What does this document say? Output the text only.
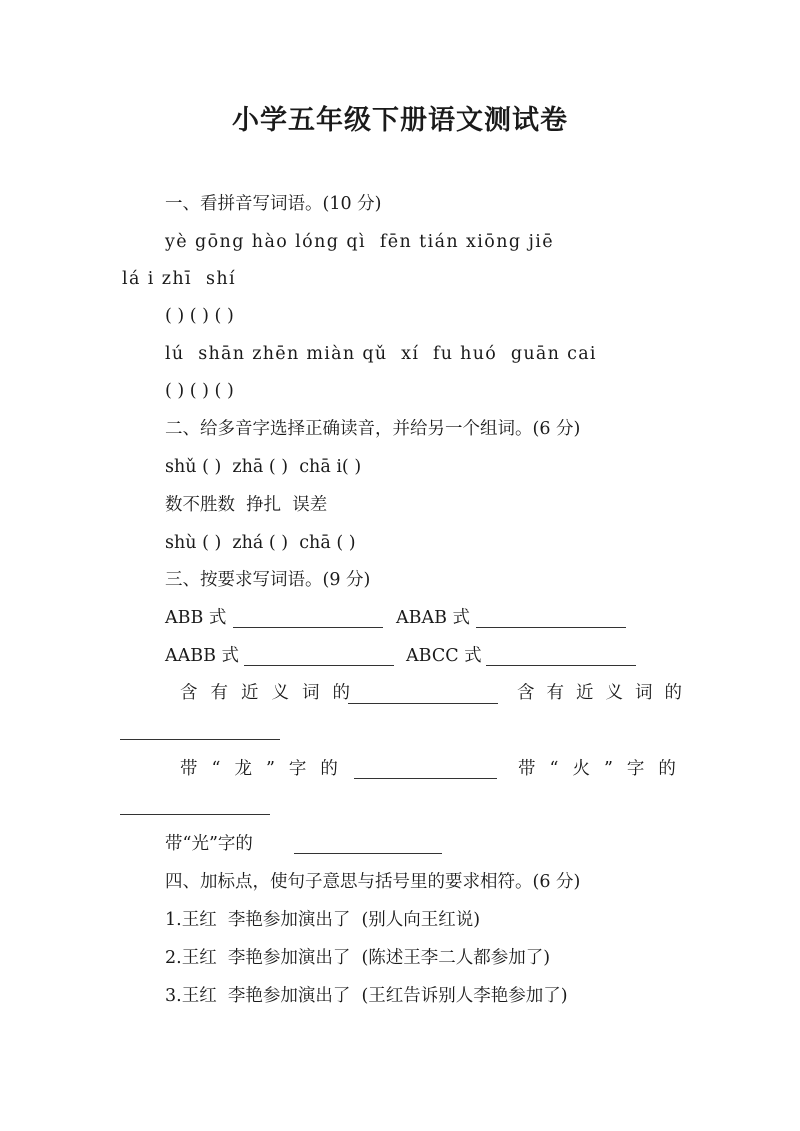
小学五年级下册语文测试卷
一、看拼音写词语。(10 分)
yè gōng hào lóng qì  fēn tián xiōng jiē
lá i zhī  shí
( ) ( ) ( )
lú  shān zhēn miàn qǔ  xí  fu huó  guān cai
( ) ( ) ( )
二、给多音字选择正确读音，并给另一个组词。(6 分)
shǔ ( )  zhā ( )  chā i( )
数不胜数  挣扎  误差
shù ( )  zhá ( )  chā ( )
三、按要求写词语。(9 分)
ABB 式	ABAB 式
AABB 式	ABCC 式
含有近义词的	含有近义词的
带“龙”字的	带“火”字的
带“光”字的
四、加标点，使句子意思与括号里的要求相符。(6 分)
1.王红  李艳参加演出了  (别人向王红说)
2.王红  李艳参加演出了  (陈述王李二人都参加了)
3.王红  李艳参加演出了  (王红告诉别人李艳参加了)
